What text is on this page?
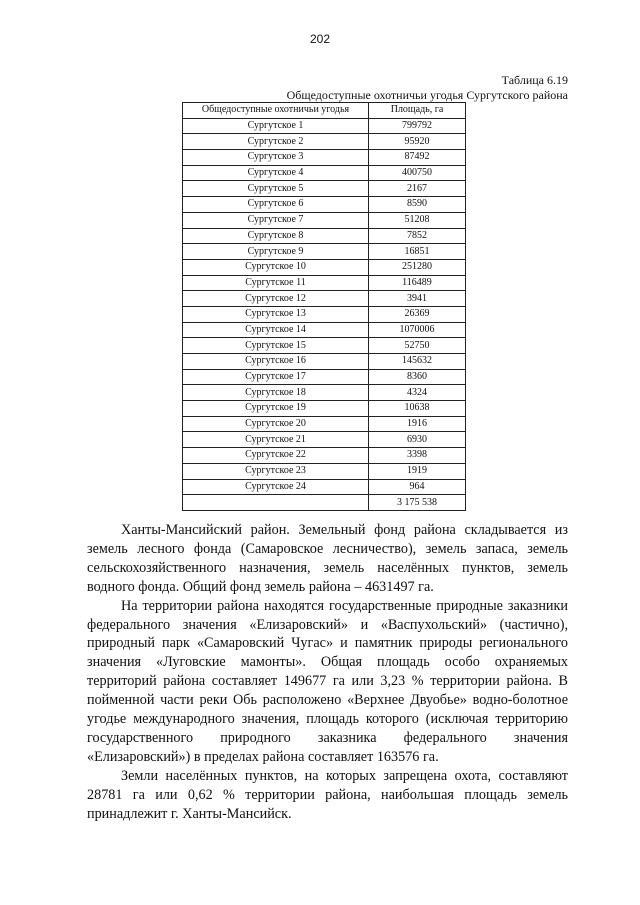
202
Таблица 6.19
Общедоступные охотничьи угодья Сургутского района
Общедоступные охотничьи угодья	Площадь, га
Сургутское 1	799792
Сургутское 2	95920
Сургутское 3	87492
Сургутское 4	400750
Сургутское 5	2167
Сургутское 6	8590
Сургутское 7	51208
Сургутское 8	7852
Сургутское 9	16851
Сургутское 10	251280
Сургутское 11	116489
Сургутское 12	3941
Сургутское 13	26369
Сургутское 14	1070006
Сургутское 15	52750
Сургутское 16	145632
Сургутское 17	8360
Сургутское 18	4324
Сургутское 19	10638
Сургутское 20	1916
Сургутское 21	6930
Сургутское 22	3398
Сургутское 23	1919
Сургутское 24	964
	3 175 538

Ханты-Мансийский район. Земельный фонд района складывается из земель лесного фонда (Самаровское лесничество), земель запаса, земель сельскохозяйственного назначения, земель населённых пунктов, земель водного фонда. Общий фонд земель района – 4631497 га.

На территории района находятся государственные природные заказники федерального значения «Елизаровский» и «Васпухольский» (частично), природный парк «Самаровский Чугас» и памятник природы регионального значения «Луговские мамонты». Общая площадь особо охраняемых территорий района составляет 149677 га или 3,23 % территории района. В пойменной части реки Обь расположено «Верхнее Двуобье» водно-болотное угодье международного значения, площадь которого (исключая территорию государственного природного заказника федерального значения «Елизаровский») в пределах района составляет 163576 га.

Земли населённых пунктов, на которых запрещена охота, составляют 28781 га или 0,62 % территории района, наибольшая площадь земель принадлежит г. Ханты-Мансийск.
